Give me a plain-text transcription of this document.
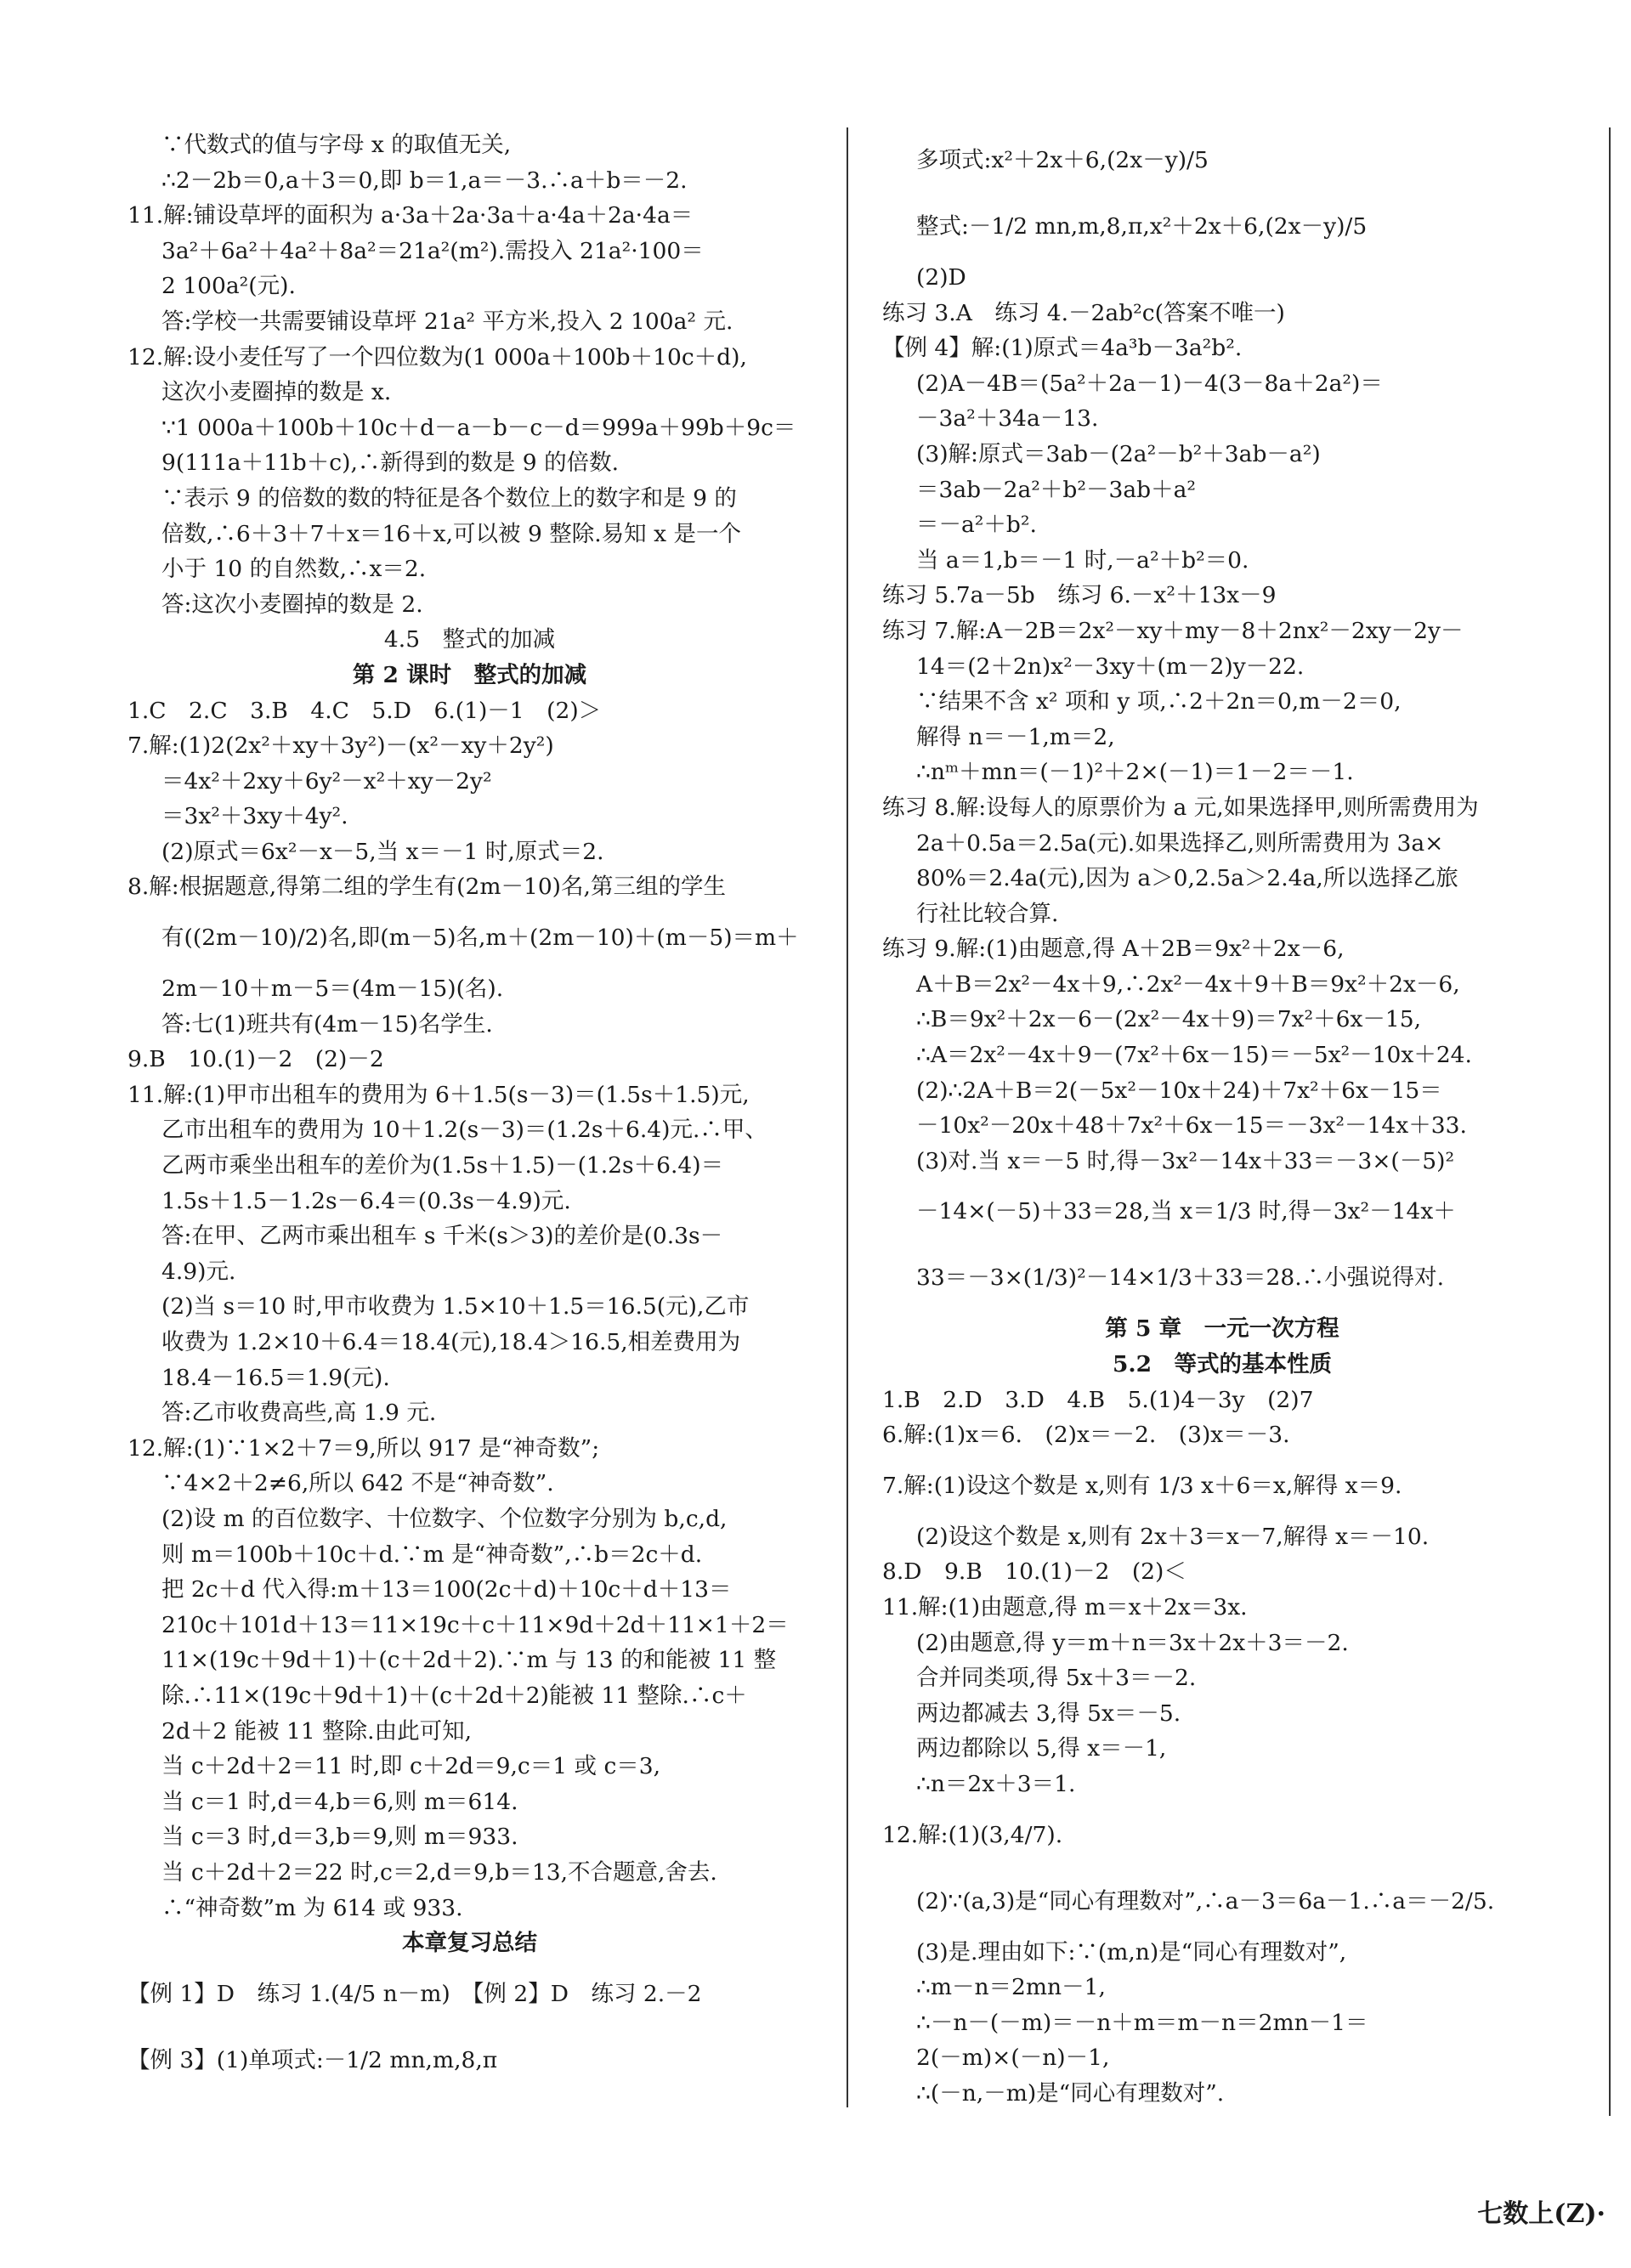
∵代数式的值与字母 x 的取值无关,
∴2－2b＝0,a＋3＝0,即 b＝1,a＝－3.∴a＋b＝－2.
11.解:铺设草坪的面积为 a·3a＋2a·3a＋a·4a＋2a·4a＝
3a²＋6a²＋4a²＋8a²＝21a²(m²).需投入 21a²·100＝
2 100a²(元).
答:学校一共需要铺设草坪 21a² 平方米,投入 2 100a² 元.
12.解:设小麦任写了一个四位数为(1 000a＋100b＋10c＋d),
这次小麦圈掉的数是 x.
∵1 000a＋100b＋10c＋d－a－b－c－d＝999a＋99b＋9c＝
9(111a＋11b＋c),∴新得到的数是 9 的倍数.
∵表示 9 的倍数的数的特征是各个数位上的数字和是 9 的
倍数,∴6＋3＋7＋x＝16＋x,可以被 9 整除.易知 x 是一个
小于 10 的自然数,∴x＝2.
答:这次小麦圈掉的数是 2.
4.5　整式的加减
第 2 课时　整式的加减
1.C　2.C　3.B　4.C　5.D　6.(1)－1　(2)＞
7.解:(1)2(2x²＋xy＋3y²)－(x²－xy＋2y²)
＝4x²＋2xy＋6y²－x²＋xy－2y²
＝3x²＋3xy＋4y².
(2)原式＝6x²－x－5,当 x＝－1 时,原式＝2.
8.解:根据题意,得第二组的学生有(2m－10)名,第三组的学生
有((2m－10)/2)名,即(m－5)名,m＋(2m－10)＋(m－5)＝m＋
2m－10＋m－5＝(4m－15)(名).
答:七(1)班共有(4m－15)名学生.
9.B　10.(1)－2　(2)－2
11.解:(1)甲市出租车的费用为 6＋1.5(s－3)＝(1.5s＋1.5)元,
乙市出租车的费用为 10＋1.2(s－3)＝(1.2s＋6.4)元.∴甲、
乙两市乘坐出租车的差价为(1.5s＋1.5)－(1.2s＋6.4)＝
1.5s＋1.5－1.2s－6.4＝(0.3s－4.9)元.
答:在甲、乙两市乘出租车 s 千米(s＞3)的差价是(0.3s－
4.9)元.
(2)当 s＝10 时,甲市收费为 1.5×10＋1.5＝16.5(元),乙市
收费为 1.2×10＋6.4＝18.4(元),18.4＞16.5,相差费用为
18.4－16.5＝1.9(元).
答:乙市收费高些,高 1.9 元.
12.解:(1)∵1×2＋7＝9,所以 917 是“神奇数”;
∵4×2＋2≠6,所以 642 不是“神奇数”.
(2)设 m 的百位数字、十位数字、个位数字分别为 b,c,d,
则 m＝100b＋10c＋d.∵m 是“神奇数”,∴b＝2c＋d.
把 2c＋d 代入得:m＋13＝100(2c＋d)＋10c＋d＋13＝
210c＋101d＋13＝11×19c＋c＋11×9d＋2d＋11×1＋2＝
11×(19c＋9d＋1)＋(c＋2d＋2).∵m 与 13 的和能被 11 整
除.∴11×(19c＋9d＋1)＋(c＋2d＋2)能被 11 整除.∴c＋
2d＋2 能被 11 整除.由此可知,
当 c＋2d＋2＝11 时,即 c＋2d＝9,c＝1 或 c＝3,
当 c＝1 时,d＝4,b＝6,则 m＝614.
当 c＝3 时,d＝3,b＝9,则 m＝933.
当 c＋2d＋2＝22 时,c＝2,d＝9,b＝13,不合题意,舍去.
∴“神奇数”m 为 614 或 933.
本章复习总结
【例 1】D　练习 1.(4/5 n－m)　【例 2】D　练习 2.－2
【例 3】(1)单项式:－1/2 mn,m,8,π
多项式:x²＋2x＋6,(2x－y)/5
整式:－1/2 mn,m,8,π,x²＋2x＋6,(2x－y)/5
(2)D
练习 3.A　练习 4.－2ab²c(答案不唯一)
【例 4】解:(1)原式＝4a³b－3a²b².
(2)A－4B＝(5a²＋2a－1)－4(3－8a＋2a²)＝
－3a²＋34a－13.
(3)解:原式＝3ab－(2a²－b²＋3ab－a²)
＝3ab－2a²＋b²－3ab＋a²
＝－a²＋b².
当 a＝1,b＝－1 时,－a²＋b²＝0.
练习 5.7a－5b　练习 6.－x²＋13x－9
练习 7.解:A－2B＝2x²－xy＋my－8＋2nx²－2xy－2y－
14＝(2＋2n)x²－3xy＋(m－2)y－22.
∵结果不含 x² 项和 y 项,∴2＋2n＝0,m－2＝0,
解得 n＝－1,m＝2,
∴nᵐ＋mn＝(－1)²＋2×(－1)＝1－2＝－1.
练习 8.解:设每人的原票价为 a 元,如果选择甲,则所需费用为
2a＋0.5a＝2.5a(元).如果选择乙,则所需费用为 3a×
80%＝2.4a(元),因为 a＞0,2.5a＞2.4a,所以选择乙旅
行社比较合算.
练习 9.解:(1)由题意,得 A＋2B＝9x²＋2x－6,
A＋B＝2x²－4x＋9,∴2x²－4x＋9＋B＝9x²＋2x－6,
∴B＝9x²＋2x－6－(2x²－4x＋9)＝7x²＋6x－15,
∴A＝2x²－4x＋9－(7x²＋6x－15)＝－5x²－10x＋24.
(2)∴2A＋B＝2(－5x²－10x＋24)＋7x²＋6x－15＝
－10x²－20x＋48＋7x²＋6x－15＝－3x²－14x＋33.
(3)对.当 x＝－5 时,得－3x²－14x＋33＝－3×(－5)²
－14×(－5)＋33＝28,当 x＝1/3 时,得－3x²－14x＋
33＝－3×(1/3)²－14×1/3＋33＝28.∴小强说得对.
第 5 章　一元一次方程
5.2　等式的基本性质
1.B　2.D　3.D　4.B　5.(1)4－3y　(2)7
6.解:(1)x＝6.　(2)x＝－2.　(3)x＝－3.
7.解:(1)设这个数是 x,则有 1/3 x＋6＝x,解得 x＝9.
(2)设这个数是 x,则有 2x＋3＝x－7,解得 x＝－10.
8.D　9.B　10.(1)－2　(2)＜
11.解:(1)由题意,得 m＝x＋2x＝3x.
(2)由题意,得 y＝m＋n＝3x＋2x＋3＝－2.
合并同类项,得 5x＋3＝－2.
两边都减去 3,得 5x＝－5.
两边都除以 5,得 x＝－1,
∴n＝2x＋3＝1.
12.解:(1)(3,4/7).
(2)∵(a,3)是“同心有理数对”,∴a－3＝6a－1.∴a＝－2/5.
(3)是.理由如下:∵(m,n)是“同心有理数对”,
∴m－n＝2mn－1,
∴－n－(－m)＝－n＋m＝m－n＝2mn－1＝
2(－m)×(－n)－1,
∴(－n,－m)是“同心有理数对”.
七数上(Z)·
